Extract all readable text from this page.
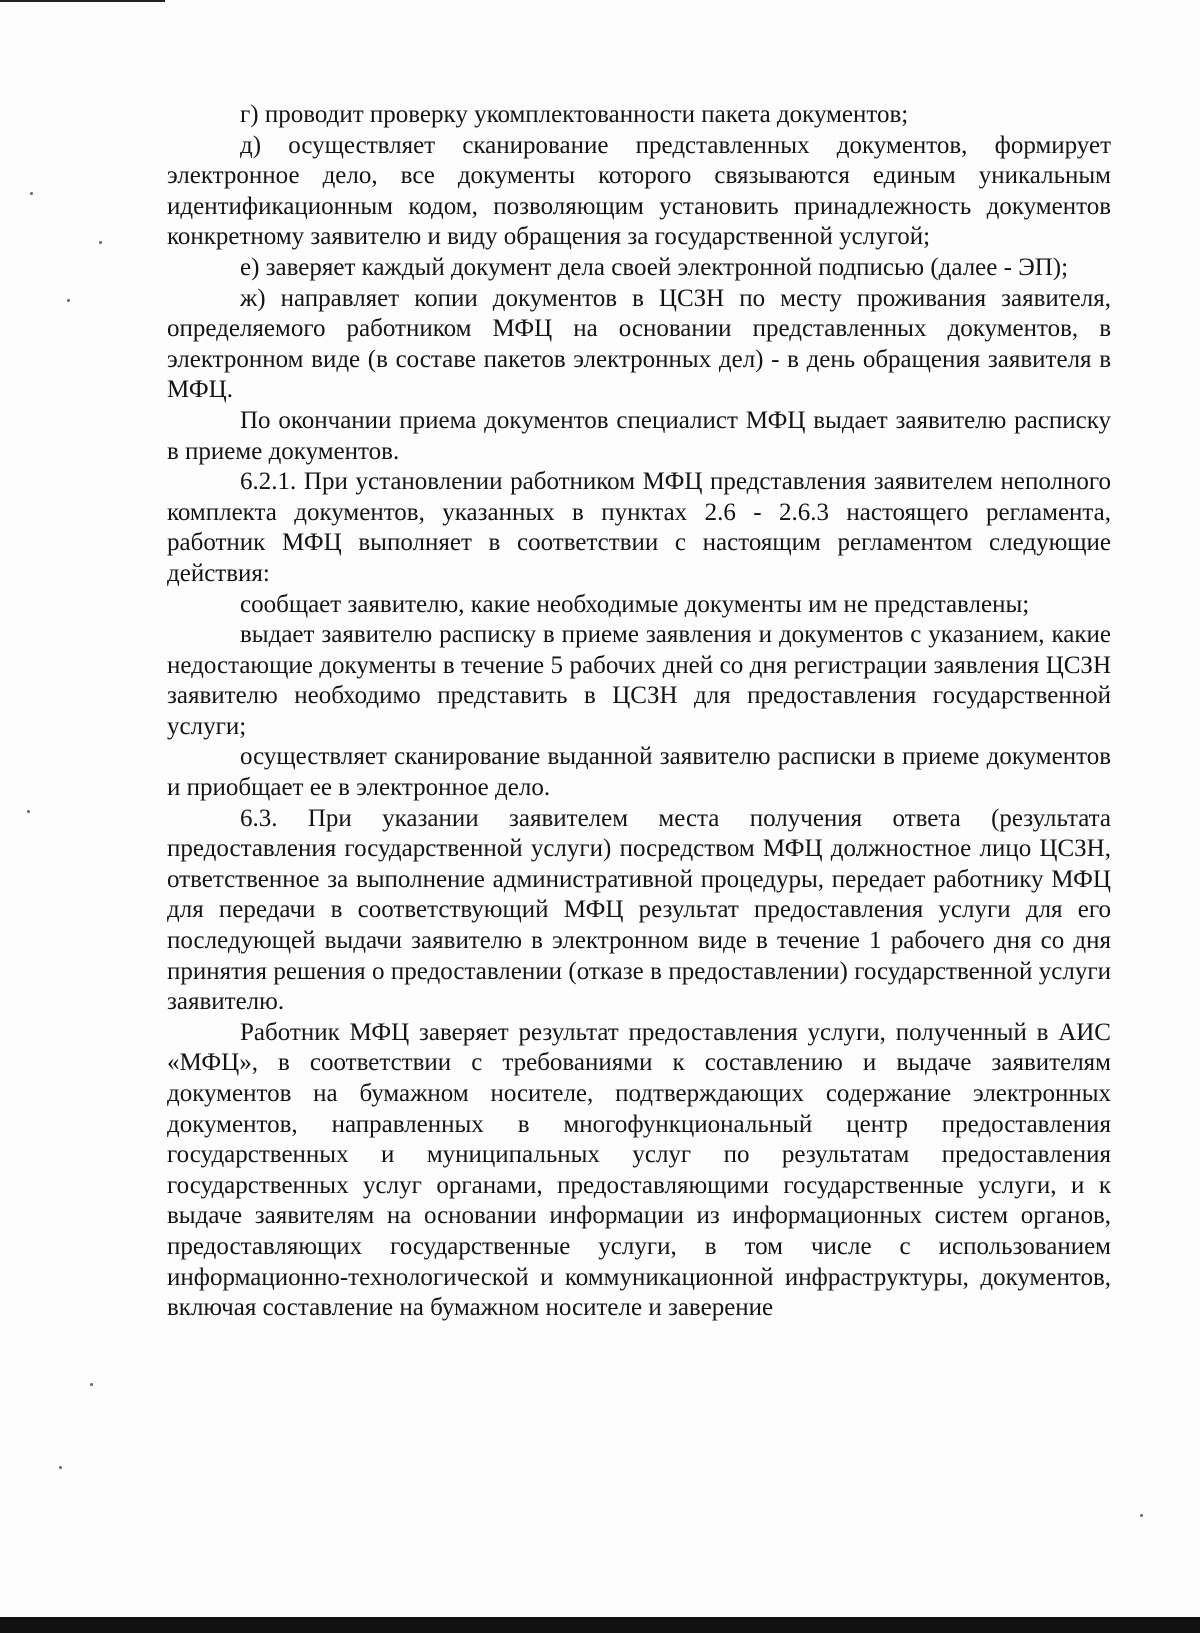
г) проводит проверку укомплектованности пакета документов;

д) осуществляет сканирование представленных документов, формирует электронное дело, все документы которого связываются единым уникальным идентификационным кодом, позволяющим установить принадлежность документов конкретному заявителю и виду обращения за государственной услугой;

е) заверяет каждый документ дела своей электронной подписью (далее - ЭП);

ж) направляет копии документов в ЦСЗН по месту проживания заявителя, определяемого работником МФЦ на основании представленных документов, в электронном виде (в составе пакетов электронных дел) - в день обращения заявителя в МФЦ.

По окончании приема документов специалист МФЦ выдает заявителю расписку в приеме документов.

6.2.1. При установлении работником МФЦ представления заявителем неполного комплекта документов, указанных в пунктах 2.6 - 2.6.3 настоящего регламента, работник МФЦ выполняет в соответствии с настоящим регламентом следующие действия:

сообщает заявителю, какие необходимые документы им не представлены;

выдает заявителю расписку в приеме заявления и документов с указанием, какие недостающие документы в течение 5 рабочих дней со дня регистрации заявления ЦСЗН заявителю необходимо представить в ЦСЗН для предоставления государственной услуги;

осуществляет сканирование выданной заявителю расписки в приеме документов и приобщает ее в электронное дело.

6.3. При указании заявителем места получения ответа (результата предоставления государственной услуги) посредством МФЦ должностное лицо ЦСЗН, ответственное за выполнение административной процедуры, передает работнику МФЦ для передачи в соответствующий МФЦ результат предоставления услуги для его последующей выдачи заявителю в электронном виде в течение 1 рабочего дня со дня принятия решения о предоставлении (отказе в предоставлении) государственной услуги заявителю.

Работник МФЦ заверяет результат предоставления услуги, полученный в АИС «МФЦ», в соответствии с требованиями к составлению и выдаче заявителям документов на бумажном носителе, подтверждающих содержание электронных документов, направленных в многофункциональный центр предоставления государственных и муниципальных услуг по результатам предоставления государственных услуг органами, предоставляющими государственные услуги, и к выдаче заявителям на основании информации из информационных систем органов, предоставляющих государственные услуги, в том числе с использованием информационно-технологической и коммуникационной инфраструктуры, документов, включая составление на бумажном носителе и заверение
